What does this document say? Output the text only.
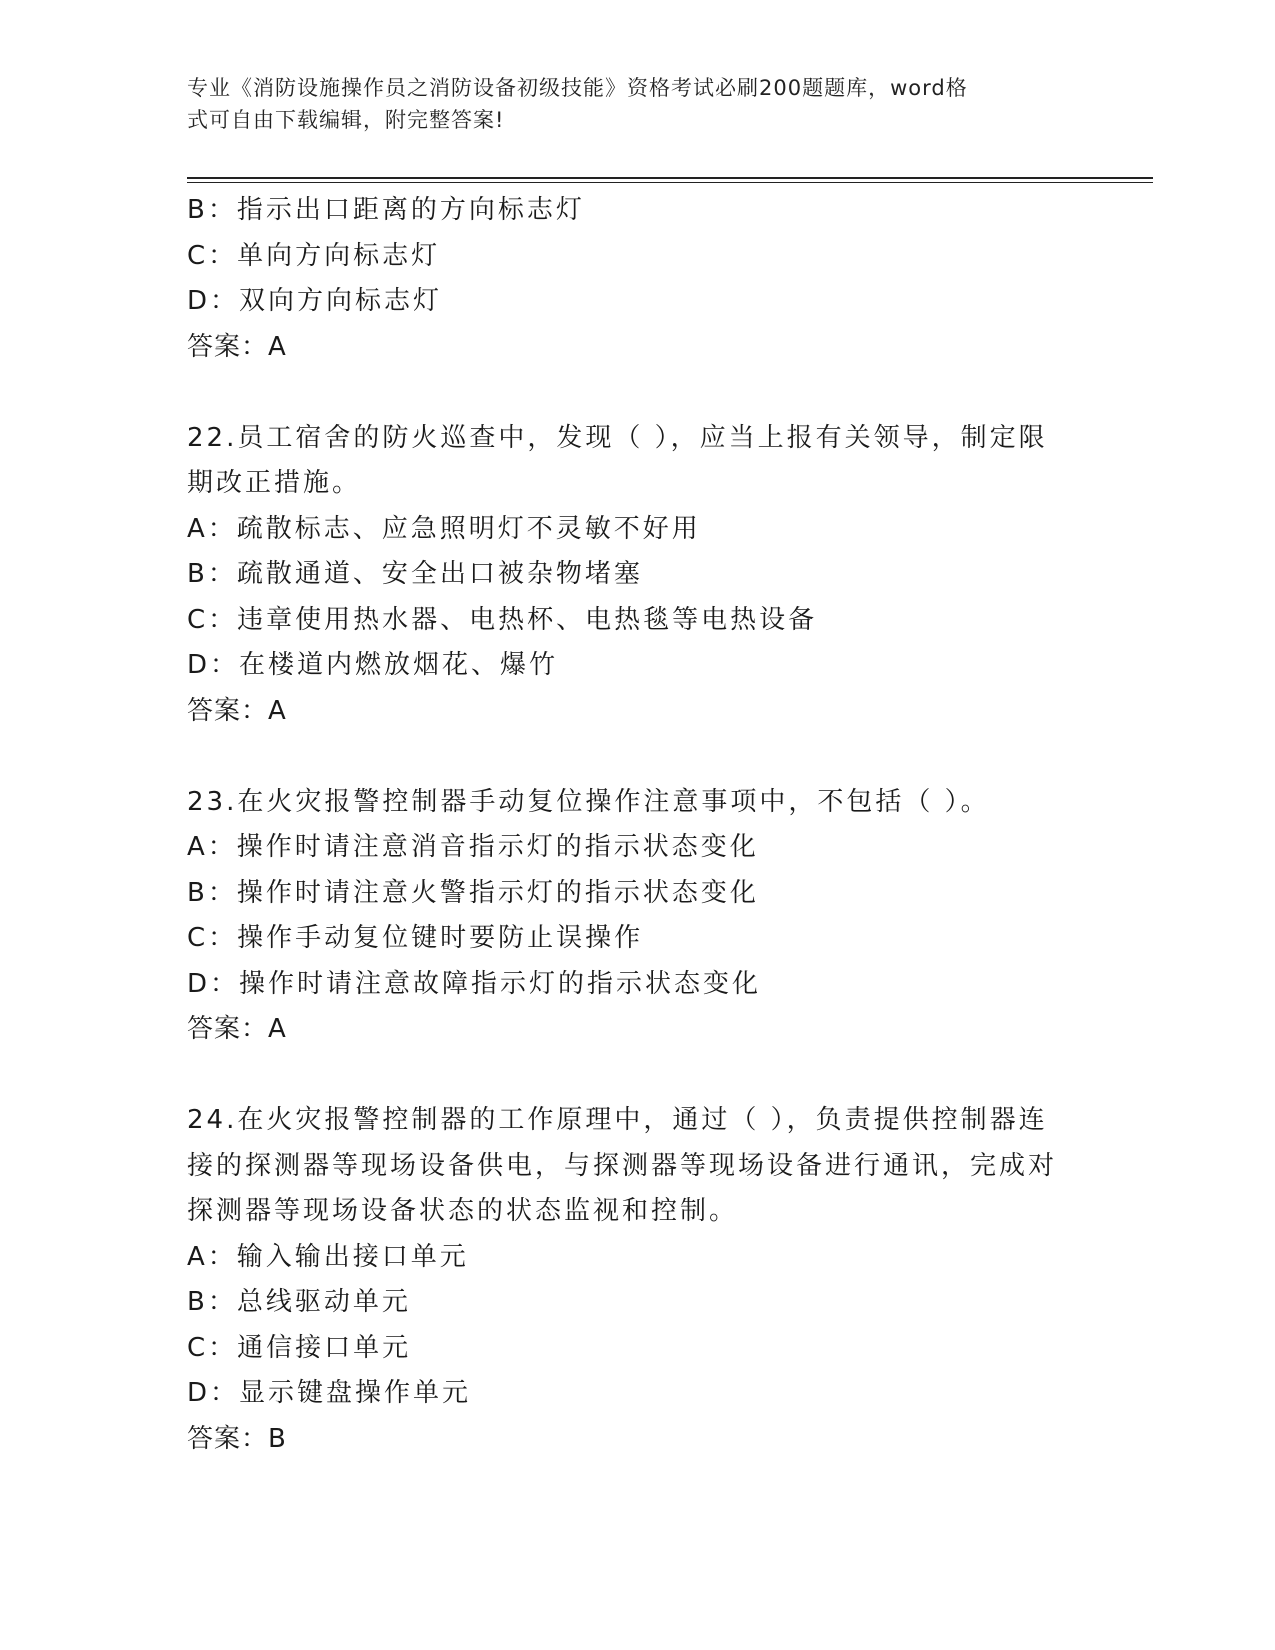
专业《消防设施操作员之消防设备初级技能》资格考试必刷200题题库，word格
式可自由下载编辑，附完整答案!
B：指示出口距离的方向标志灯
C：单向方向标志灯
D：双向方向标志灯
答案：A
22.员工宿舍的防火巡查中，发现（ ），应当上报有关领导，制定限
期改正措施。
A：疏散标志、应急照明灯不灵敏不好用
B：疏散通道、安全出口被杂物堵塞
C：违章使用热水器、电热杯、电热毯等电热设备
D：在楼道内燃放烟花、爆竹
答案：A
23.在火灾报警控制器手动复位操作注意事项中，不包括（ ）。
A：操作时请注意消音指示灯的指示状态变化
B：操作时请注意火警指示灯的指示状态变化
C：操作手动复位键时要防止误操作
D：操作时请注意故障指示灯的指示状态变化
答案：A
24.在火灾报警控制器的工作原理中，通过（ ），负责提供控制器连
接的探测器等现场设备供电，与探测器等现场设备进行通讯，完成对
探测器等现场设备状态的状态监视和控制。
A：输入输出接口单元
B：总线驱动单元
C：通信接口单元
D：显示键盘操作单元
答案：B
